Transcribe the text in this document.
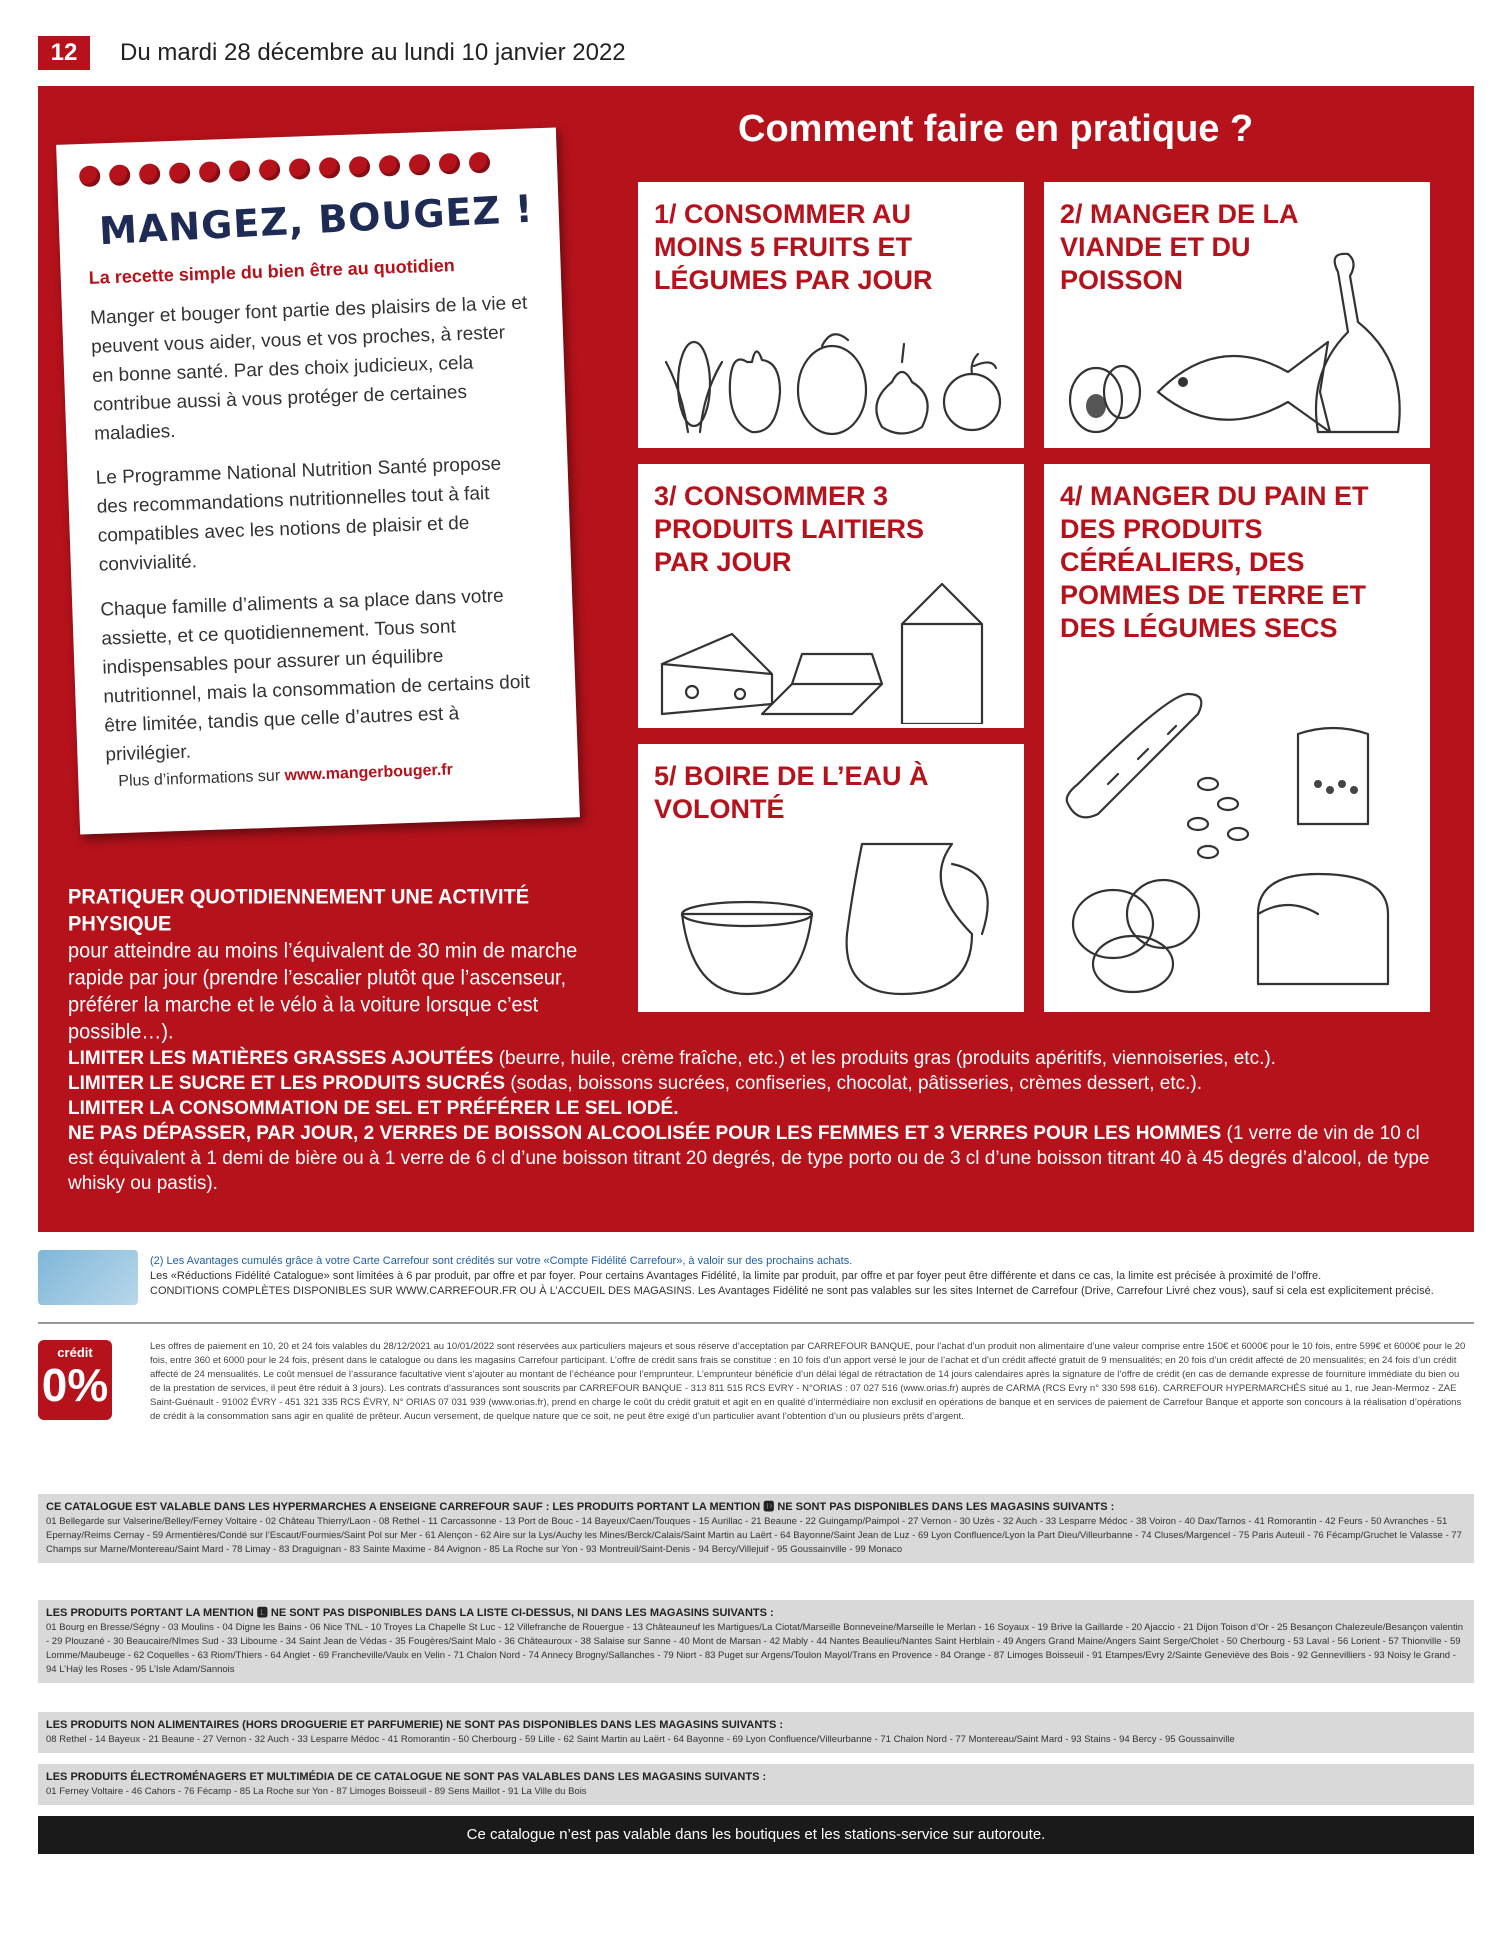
12	Du mardi 28 décembre au lundi 10 janvier 2022
MANGEZ, BOUGEZ !
La recette simple du bien être au quotidien
Manger et bouger font partie des plaisirs de la vie et peuvent vous aider, vous et vos proches, à rester en bonne santé. Par des choix judicieux, cela contribue aussi à vous protéger de certaines maladies.
Le Programme National Nutrition Santé propose des recommandations nutritionnelles tout à fait compatibles avec les notions de plaisir et de convivialité.
Chaque famille d’aliments a sa place dans votre assiette, et ce quotidiennement. Tous sont indispensables pour assurer un équilibre nutritionnel, mais la consommation de certains doit être limitée, tandis que celle d’autres est à privilégier.
Plus d’informations sur www.mangerbouger.fr
Comment faire en pratique ?
1/ CONSOMMER AU MOINS 5 FRUITS ET LÉGUMES PAR JOUR
2/ MANGER DE LA VIANDE ET DU POISSON
3/ CONSOMMER 3 PRODUITS LAITIERS PAR JOUR
4/ MANGER DU PAIN ET DES PRODUITS CÉRÉALIERS, DES POMMES DE TERRE ET DES LÉGUMES SECS
5/ BOIRE DE L’EAU À VOLONTÉ
PRATIQUER QUOTIDIENNEMENT UNE ACTIVITÉ PHYSIQUE
pour atteindre au moins l’équivalent de 30 min de marche rapide par jour (prendre l’escalier plutôt que l’ascenseur, préférer la marche et le vélo à la voiture lorsque c’est possible…).
LIMITER LES MATIÈRES GRASSES AJOUTÉES (beurre, huile, crème fraîche, etc.) et les produits gras (produits apéritifs, viennoiseries, etc.).
LIMITER LE SUCRE ET LES PRODUITS SUCRÉS (sodas, boissons sucrées, confiseries, chocolat, pâtisseries, crèmes dessert, etc.).
LIMITER LA CONSOMMATION DE SEL ET PRÉFÉRER LE SEL IODÉ.
NE PAS DÉPASSER, PAR JOUR, 2 VERRES DE BOISSON ALCOOLISÉE POUR LES FEMMES ET 3 VERRES POUR LES HOMMES (1 verre de vin de 10 cl est équivalent à 1 demi de bière ou à 1 verre de 6 cl d’une boisson titrant 20 degrés, de type porto ou de 3 cl d’une boisson titrant 40 à 45 degrés d’alcool, de type whisky ou pastis).
(2) Les Avantages cumulés grâce à votre Carte Carrefour sont crédités sur votre «Compte Fidélité Carrefour», à valoir sur des prochains achats.
Les «Réductions Fidélité Catalogue» sont limitées à 6 par produit, par offre et par foyer. Pour certains Avantages Fidélité, la limite par produit, par offre et par foyer peut être différente et dans ce cas, la limite est précisée à proximité de l’offre.
CONDITIONS COMPLÈTES DISPONIBLES SUR WWW.CARREFOUR.FR OU À L’ACCUEIL DES MAGASINS. Les Avantages Fidélité ne sont pas valables sur les sites Internet de Carrefour (Drive, Carrefour Livré chez vous), sauf si cela est explicitement précisé.
crédit
0%
Les offres de paiement en 10, 20 et 24 fois valables du 28/12/2021 au 10/01/2022 sont réservées aux particuliers majeurs et sous réserve d’acceptation par CARREFOUR BANQUE, pour l’achat d’un produit non alimentaire d’une valeur comprise entre 150€ et 6000€ pour le 10 fois, entre 599€ et 6000€ pour le 20 fois, entre 360 et 6000 pour le 24 fois, présent dans le catalogue ou dans les magasins Carrefour participant. L’offre de crédit sans frais se constitue : en 10 fois d’un apport versé le jour de l’achat et d’un crédit affecté gratuit de 9 mensualités; en 20 fois d’un crédit affecté de 20 mensualités; en 24 fois d’un crédit affecté de 24 mensualités. Le coût mensuel de l’assurance facultative vient s’ajouter au montant de l’échéance pour l’emprunteur. L’emprunteur bénéficie d’un délai légal de rétractation de 14 jours calendaires après la signature de l’offre de crédit (en cas de demande expresse de fourniture immédiate du bien ou de la prestation de services, il peut être réduit à 3 jours). Les contrats d’assurances sont souscrits par CARREFOUR BANQUE - 313 811 515 RCS EVRY - N°ORIAS : 07 027 516 (www.orias.fr) auprès de CARMA (RCS Evry n° 330 598 616). CARREFOUR HYPERMARCHÉS situé au 1, rue Jean-Mermoz - ZAE Saint-Guénault - 91002 ÉVRY - 451 321 335 RCS ÉVRY, N° ORIAS 07 031 939 (www.orias.fr), prend en charge le coût du crédit gratuit et agit en en qualité d’intermédiaire non exclusif en opérations de banque et en services de paiement de Carrefour Banque et apporte son concours à la réalisation d’opérations de crédit à la consommation sans agir en qualité de prêteur. Aucun versement, de quelque nature que ce soit, ne peut être exigé d’un particulier avant l’obtention d’un ou plusieurs prêts d’argent.
CE CATALOGUE EST VALABLE DANS LES HYPERMARCHES A ENSEIGNE CARREFOUR SAUF : LES PRODUITS PORTANT LA MENTION 🅳 NE SONT PAS DISPONIBLES DANS LES MAGASINS SUIVANTS :
01 Bellegarde sur Valserine/Belley/Ferney Voltaire - 02 Château Thierry/Laon - 08 Rethel - 11 Carcassonne - 13 Port de Bouc - 14 Bayeux/Caen/Touques - 15 Aurillac - 21 Beaune - 22 Guingamp/Paimpol - 27 Vernon - 30 Uzès - 32 Auch - 33 Lesparre Médoc - 38 Voiron - 40 Dax/Tarnos - 41 Romorantin - 42 Feurs - 50 Avranches - 51 Epernay/Reims Cernay - 59 Armentières/Condé sur l’Escaut/Fourmies/Saint Pol sur Mer - 61 Alençon - 62 Aire sur la Lys/Auchy les Mines/Berck/Calais/Saint Martin au Laërt - 64 Bayonne/Saint Jean de Luz - 69 Lyon Confluence/Lyon la Part Dieu/Villeurbanne - 74 Cluses/Margencel - 75 Paris Auteuil - 76 Fécamp/Gruchet le Valasse - 77 Champs sur Marne/Montereau/Saint Mard - 78 Limay - 83 Draguignan - 83 Sainte Maxime - 84 Avignon - 85 La Roche sur Yon - 93 Montreuil/Saint-Denis - 94 Bercy/Villejuif - 95 Goussainville - 99 Monaco
LES PRODUITS PORTANT LA MENTION 🅴 NE SONT PAS DISPONIBLES DANS LA LISTE CI-DESSUS, NI DANS LES MAGASINS SUIVANTS :
01 Bourg en Bresse/Ségny - 03 Moulins - 04 Digne les Bains - 06 Nice TNL - 10 Troyes La Chapelle St Luc - 12 Villefranche de Rouergue - 13 Châteauneuf les Martigues/La Ciotat/Marseille Bonneveine/Marseille le Merlan - 16 Soyaux - 19 Brive la Gaillarde - 20 Ajaccio - 21 Dijon Toison d’Or - 25 Besançon Chalezeule/Besançon valentin - 29 Plouzané - 30 Beaucaire/Nîmes Sud - 33 Libourne - 34 Saint Jean de Védas - 35 Fougères/Saint Malo - 36 Châteauroux - 38 Salaise sur Sanne - 40 Mont de Marsan - 42 Mably - 44 Nantes Beaulieu/Nantes Saint Herblain - 49 Angers Grand Maine/Angers Saint Serge/Cholet - 50 Cherbourg - 53 Laval - 56 Lorient - 57 Thionville - 59 Lomme/Maubeuge - 62 Coquelles - 63 Riom/Thiers - 64 Anglet - 69 Francheville/Vaulx en Velin - 71 Chalon Nord - 74 Annecy Brogny/Sallanches - 79 Niort - 83 Puget sur Argens/Toulon Mayol/Trans en Provence - 84 Orange - 87 Limoges Boisseuil - 91 Etampes/Evry 2/Sainte Geneviève des Bois - 92 Gennevilliers - 93 Noisy le Grand - 94 L’Haÿ les Roses - 95 L’Isle Adam/Sannois
LES PRODUITS NON ALIMENTAIRES (HORS DROGUERIE ET PARFUMERIE) NE SONT PAS DISPONIBLES DANS LES MAGASINS SUIVANTS :
08 Rethel - 14 Bayeux - 21 Beaune - 27 Vernon - 32 Auch - 33 Lesparre Médoc - 41 Romorantin - 50 Cherbourg - 59 Lille - 62 Saint Martin au Laërt - 64 Bayonne - 69 Lyon Confluence/Villeurbanne - 71 Chalon Nord - 77 Montereau/Saint Mard - 93 Stains - 94 Bercy - 95 Goussainville
LES PRODUITS ÉLECTROMÉNAGERS ET MULTIMÉDIA DE CE CATALOGUE NE SONT PAS VALABLES DANS LES MAGASINS SUIVANTS :
01 Ferney Voltaire - 46 Cahors - 76 Fécamp - 85 La Roche sur Yon - 87 Limoges Boisseuil - 89 Sens Maillot - 91 La Ville du Bois
Ce catalogue n’est pas valable dans les boutiques et les stations-service sur autoroute.
